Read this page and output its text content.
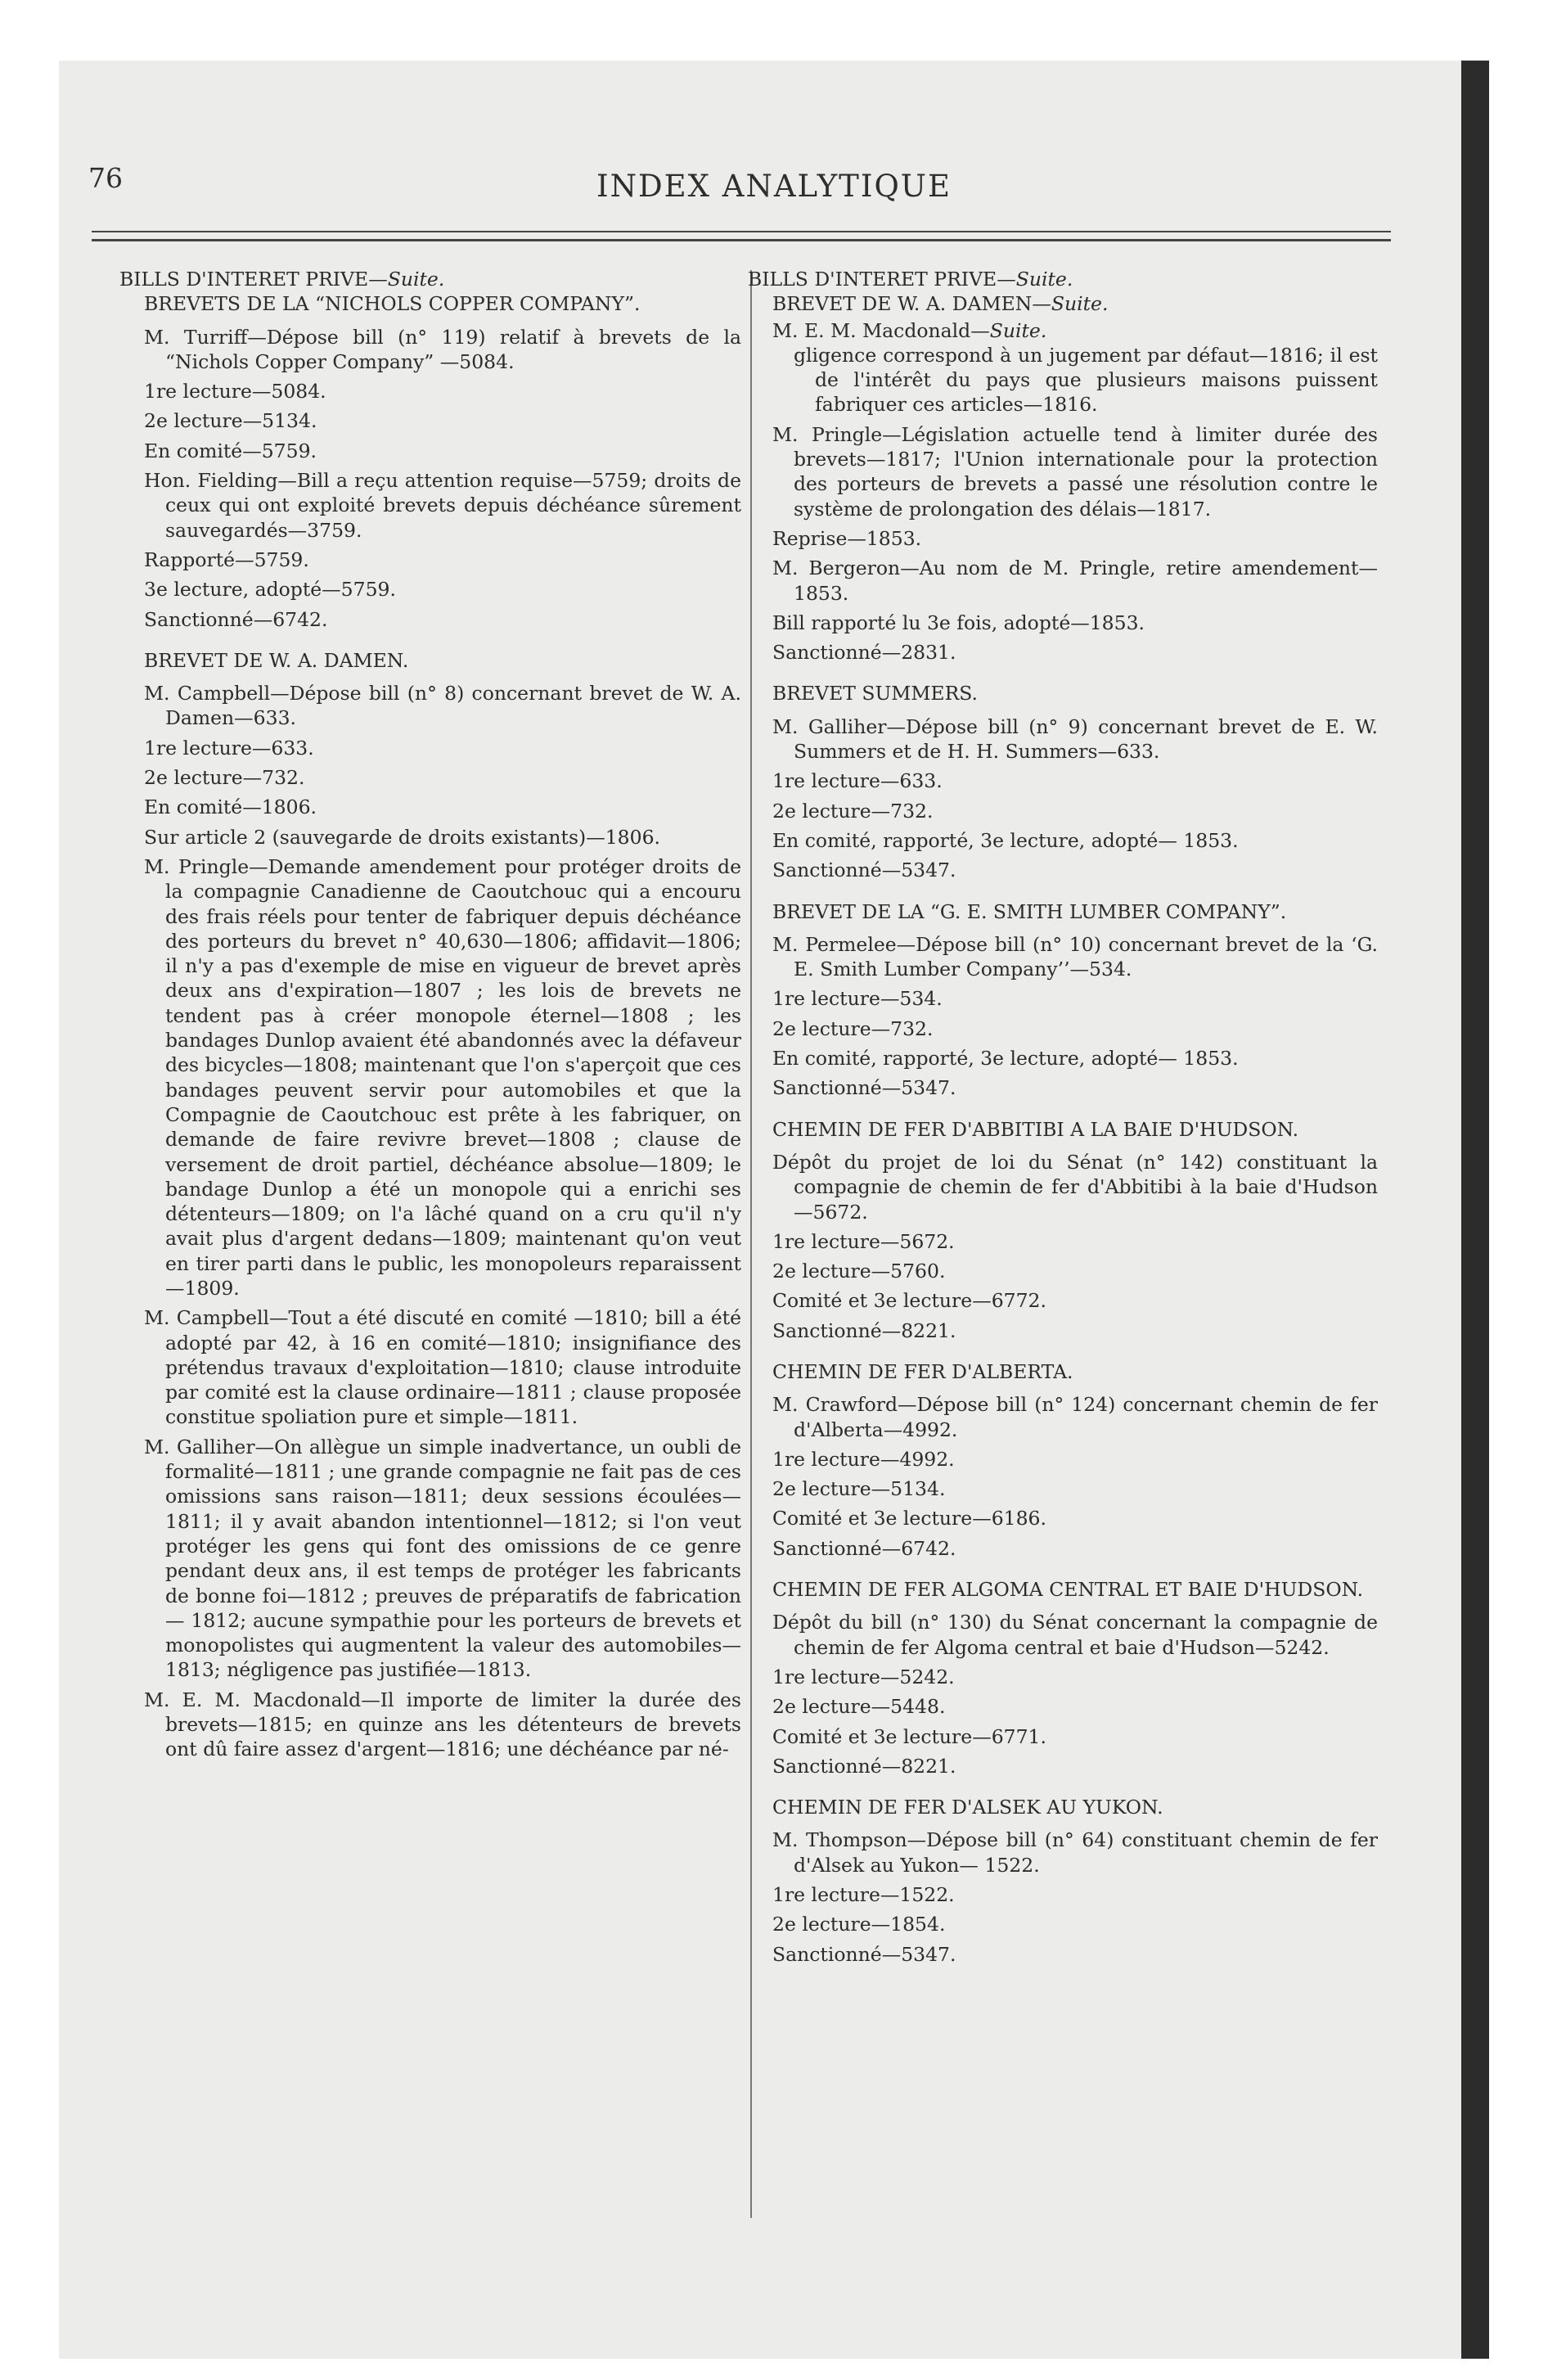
76	INDEX ANALYTIQUE

BILLS D'INTERET PRIVE—Suite.

BREVETS DE LA “NICHOLS COPPER COMPANY”.

M. Turriff—Dépose bill (n° 119) relatif à brevets de la “Nichols Copper Company” —5084.

1re lecture—5084.

2e lecture—5134.

En comité—5759.

Hon. Fielding—Bill a reçu attention requise—5759; droits de ceux qui ont exploité brevets depuis déchéance sûrement sauvegardés—3759.

Rapporté—5759.

3e lecture, adopté—5759.

Sanctionné—6742.

BREVET DE W. A. DAMEN.

M. Campbell—Dépose bill (n° 8) concernant brevet de W. A. Damen—633.

1re lecture—633.

2e lecture—732.

En comité—1806.

Sur article 2 (sauvegarde de droits existants)—1806.

M. Pringle—Demande amendement pour protéger droits de la compagnie Canadienne de Caoutchouc qui a encouru des frais réels pour tenter de fabriquer depuis déchéance des porteurs du brevet n° 40,630—1806; affidavit—1806; il n'y a pas d'exemple de mise en vigueur de brevet après deux ans d'expiration—1807 ; les lois de brevets ne tendent pas à créer monopole éternel—1808 ; les bandages Dunlop avaient été abandonnés avec la défaveur des bicycles—1808; maintenant que l'on s'aperçoit que ces bandages peuvent servir pour automobiles et que la Compagnie de Caoutchouc est prête à les fabriquer, on demande de faire revivre brevet—1808 ; clause de versement de droit partiel, déchéance absolue—1809; le bandage Dunlop a été un monopole qui a enrichi ses détenteurs—1809; on l'a lâché quand on a cru qu'il n'y avait plus d'argent dedans—1809; maintenant qu'on veut en tirer parti dans le public, les monopoleurs reparaissent—1809.

M. Campbell—Tout a été discuté en comité —1810; bill a été adopté par 42, à 16 en comité—1810; insignifiance des prétendus travaux d'exploitation—1810; clause introduite par comité est la clause ordinaire—1811 ; clause proposée constitue spoliation pure et simple—1811.

M. Galliher—On allègue un simple inadvertance, un oubli de formalité—1811 ; une grande compagnie ne fait pas de ces omissions sans raison—1811; deux sessions écoulées—1811; il y avait abandon intentionnel—1812; si l'on veut protéger les gens qui font des omissions de ce genre pendant deux ans, il est temps de protéger les fabricants de bonne foi—1812 ; preuves de préparatifs de fabrication— 1812; aucune sympathie pour les porteurs de brevets et monopolistes qui augmentent la valeur des automobiles—1813; négligence pas justifiée—1813.

M. E. M. Macdonald—Il importe de limiter la durée des brevets—1815; en quinze ans les détenteurs de brevets ont dû faire assez d'argent—1816; une déchéance par né-

BILLS D'INTERET PRIVE—Suite.

BREVET DE W. A. DAMEN—Suite.

M. E. M. Macdonald—Suite.

gligence correspond à un jugement par défaut—1816; il est de l'intérêt du pays que plusieurs maisons puissent fabriquer ces articles—1816.

M. Pringle—Législation actuelle tend à limiter durée des brevets—1817; l'Union internationale pour la protection des porteurs de brevets a passé une résolution contre le système de prolongation des délais—1817.

Reprise—1853.

M. Bergeron—Au nom de M. Pringle, retire amendement—1853.

Bill rapporté lu 3e fois, adopté—1853.

Sanctionné—2831.

BREVET SUMMERS.

M. Galliher—Dépose bill (n° 9) concernant brevet de E. W. Summers et de H. H. Summers—633.

1re lecture—633.

2e lecture—732.

En comité, rapporté, 3e lecture, adopté— 1853.

Sanctionné—5347.

BREVET DE LA “G. E. SMITH LUMBER COMPANY”.

M. Permelee—Dépose bill (n° 10) concernant brevet de la ‘G. E. Smith Lumber Company’’—534.

1re lecture—534.

2e lecture—732.

En comité, rapporté, 3e lecture, adopté— 1853.

Sanctionné—5347.

CHEMIN DE FER D'ABBITIBI A LA BAIE D'HUDSON.

Dépôt du projet de loi du Sénat (n° 142) constituant la compagnie de chemin de fer d'Abbitibi à la baie d'Hudson—5672.

1re lecture—5672.

2e lecture—5760.

Comité et 3e lecture—6772.

Sanctionné—8221.

CHEMIN DE FER D'ALBERTA.

M. Crawford—Dépose bill (n° 124) concernant chemin de fer d'Alberta—4992.

1re lecture—4992.

2e lecture—5134.

Comité et 3e lecture—6186.

Sanctionné—6742.

CHEMIN DE FER ALGOMA CENTRAL ET BAIE D'HUDSON.

Dépôt du bill (n° 130) du Sénat concernant la compagnie de chemin de fer Algoma central et baie d'Hudson—5242.

1re lecture—5242.

2e lecture—5448.

Comité et 3e lecture—6771.

Sanctionné—8221.

CHEMIN DE FER D'ALSEK AU YUKON.

M. Thompson—Dépose bill (n° 64) constituant chemin de fer d'Alsek au Yukon— 1522.

1re lecture—1522.

2e lecture—1854.

Sanctionné—5347.
